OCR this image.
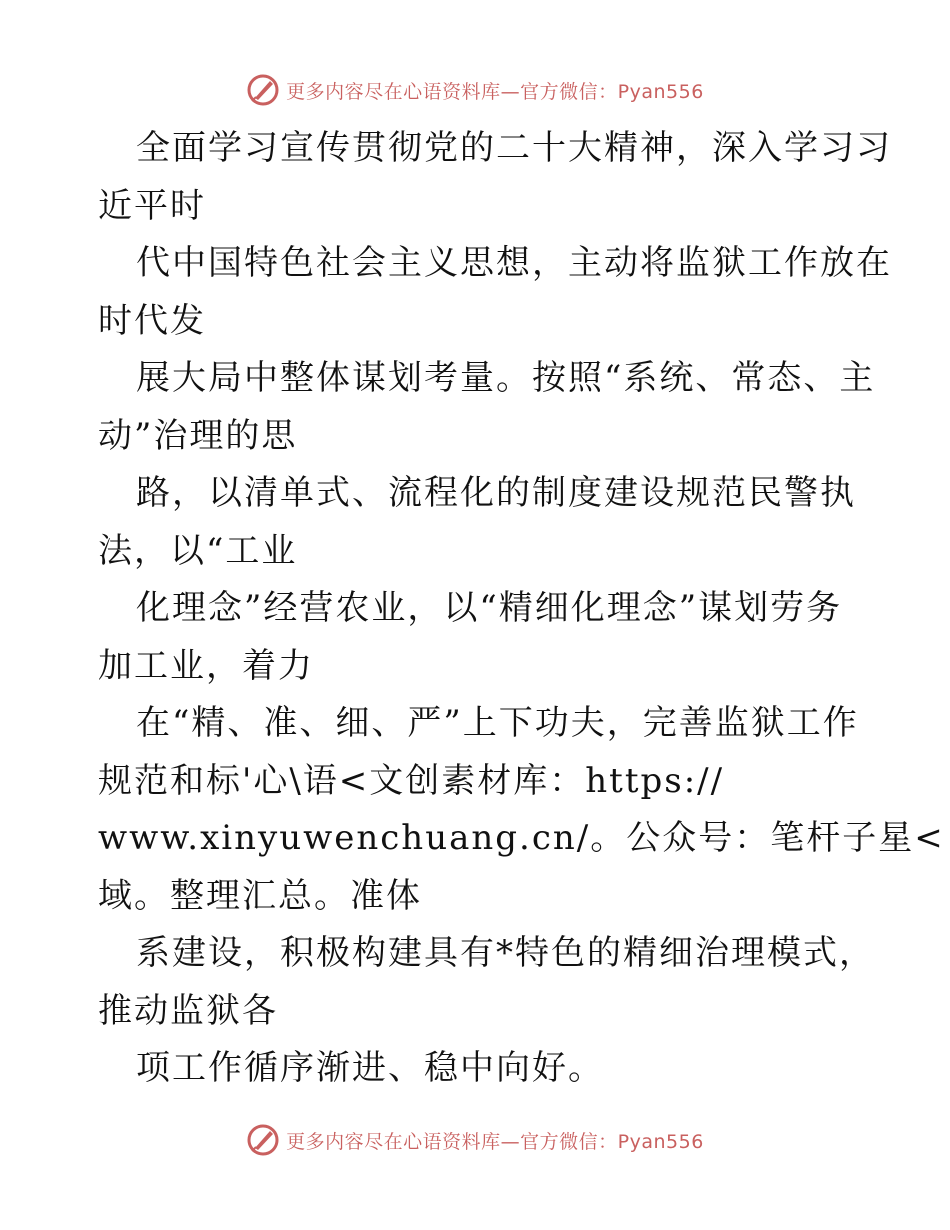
更多内容尽在心语资料库—官方微信：Pyan556
全面学习宣传贯彻党的二十大精神，深入学习习
近平时
代中国特色社会主义思想，主动将监狱工作放在
时代发
展大局中整体谋划考量。按照“系统、常态、主
动”治理的思
路，以清单式、流程化的制度建设规范民警执
法，以“工业
化理念”经营农业，以“精细化理念”谋划劳务
加工业，着力
在“精、准、细、严”上下功夫，完善监狱工作
规范和标'心\语<文创素材库：https://
www.xinyuwenchuang.cn/。公众号：笔杆子星<
域。整理汇总。准体
系建设，积极构建具有*特色的精细治理模式，
推动监狱各
项工作循序渐进、稳中向好。
更多内容尽在心语资料库—官方微信：Pyan556
